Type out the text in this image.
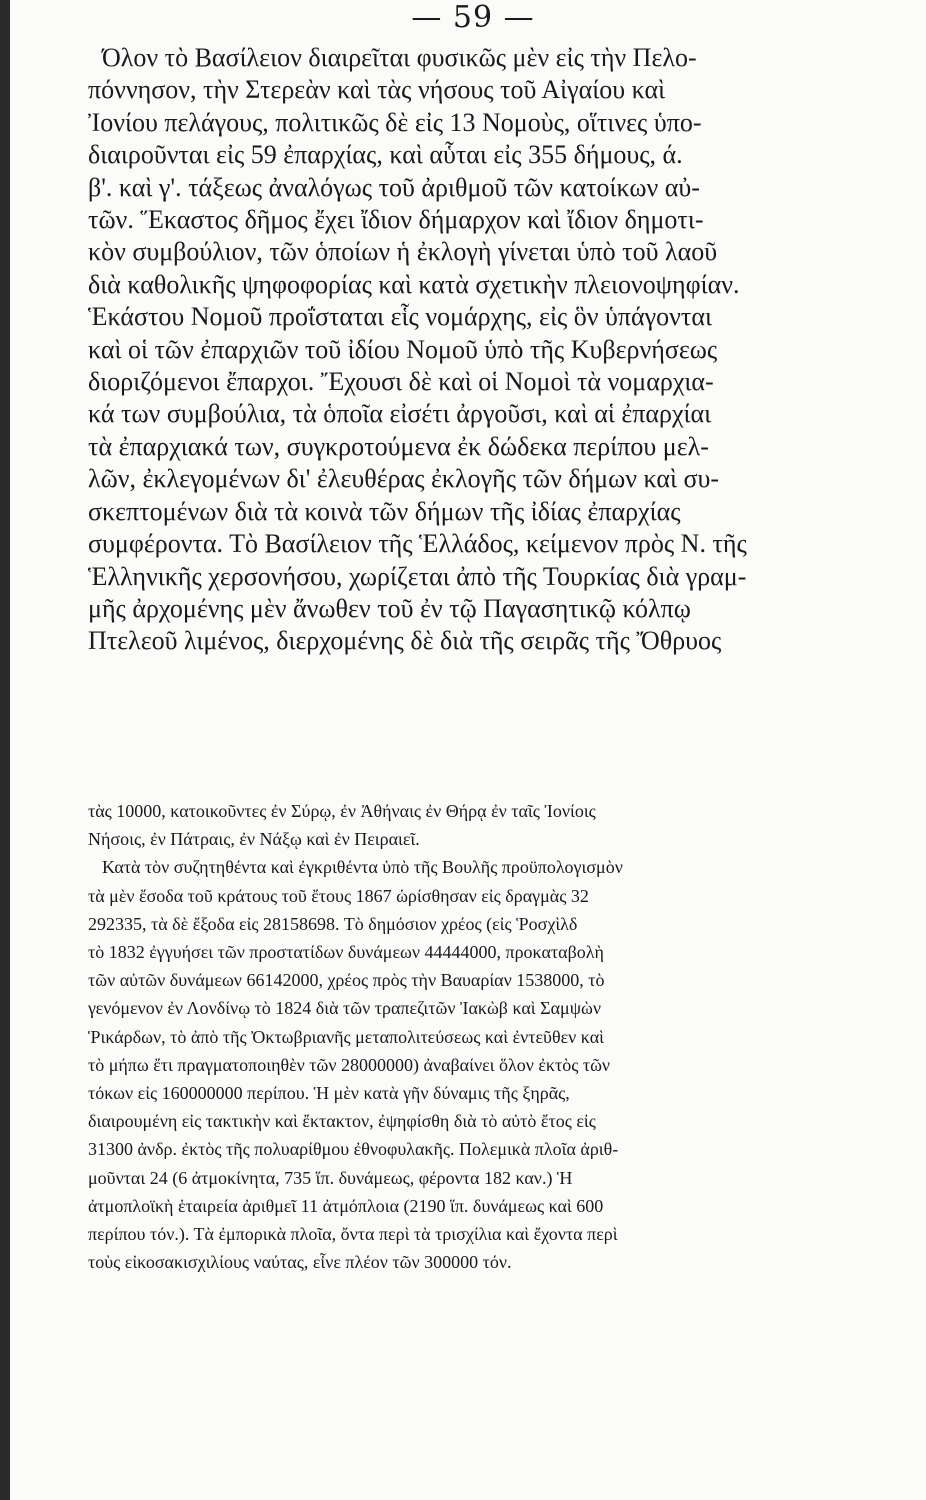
— 59 —
Όλον τὸ Βασίλειον διαιρεῖται φυσικῶς μὲν εἰς τὴν Πελο-
πόννησον, τὴν Στερεὰν καὶ τὰς νήσους τοῦ Αἰγαίου καὶ
Ἰονίου πελάγους, πολιτικῶς δὲ εἰς 13 Νομοὺς, οἵτινες ὑπο-
διαιροῦνται εἰς 59 ἐπαρχίας, καὶ αὗται εἰς 355 δήμους, ά.
β'. καὶ γ'. τάξεως ἀναλόγως τοῦ ἀριθμοῦ τῶν κατοίκων αὐ-
τῶν. Ἕκαστος δῆμος ἔχει ἴδιον δήμαρχον καὶ ἴδιον δημοτι-
κὸν συμβούλιον, τῶν ὁποίων ἡ ἐκλογὴ γίνεται ὑπὸ τοῦ λαοῦ
διὰ καθολικῆς ψηφοφορίας καὶ κατὰ σχετικὴν πλειονοψηφίαν.
Ἑκάστου Νομοῦ προΐσταται εἷς νομάρχης, εἰς ὃν ὑπάγονται
καὶ οἱ τῶν ἐπαρχιῶν τοῦ ἰδίου Νομοῦ ὑπὸ τῆς Κυβερνήσεως
διοριζόμενοι ἔπαρχοι. Ἔχουσι δὲ καὶ οἱ Νομοὶ τὰ νομαρχια-
κά των συμβούλια, τὰ ὁποῖα εἰσέτι ἀργοῦσι, καὶ αἱ ἐπαρχίαι
τὰ ἐπαρχιακά των, συγκροτούμενα ἐκ δώδεκα περίπου μελ-
λῶν, ἐκλεγομένων δι' ἐλευθέρας ἐκλογῆς τῶν δήμων καὶ συ-
σκεπτομένων διὰ τὰ κοινὰ τῶν δήμων τῆς ἰδίας ἐπαρχίας
συμφέροντα. Τὸ Βασίλειον τῆς Ἑλλάδος, κείμενον πρὸς Ν. τῆς
Ἑλληνικῆς χερσονήσου, χωρίζεται ἀπὸ τῆς Τουρκίας διὰ γραμ-
μῆς ἀρχομένης μὲν ἄνωθεν τοῦ ἐν τῷ Παγασητικῷ κόλπῳ
Πτελεοῦ λιμένος, διερχομένης δὲ διὰ τῆς σειρᾶς τῆς Ὄθρυος
τὰς 10000, κατοικοῦντες ἐν Σύρῳ, ἐν Ἀθήναις ἐν Θήρᾳ ἐν ταῖς Ἰονίοις
Νήσοις, ἐν Πάτραις, ἐν Νάξῳ καὶ ἐν Πειραιεῖ.
Κατὰ τὸν συζητηθέντα καὶ ἐγκριθέντα ὑπὸ τῆς Βουλῆς προϋπολογισμὸν
τὰ μὲν ἔσοδα τοῦ κράτους τοῦ ἔτους 1867 ὡρίσθησαν εἰς δραγμὰς 32
292335, τὰ δὲ ἔξοδα εἰς 28158698. Τὸ δημόσιον χρέος (εἰς Ῥοσχὶλδ
τὸ 1832 ἐγγυήσει τῶν προστατίδων δυνάμεων 44444000, προκαταβολὴ
τῶν αὐτῶν δυνάμεων 66142000, χρέος πρὸς τὴν Βαυαρίαν 1538000, τὸ
γενόμενον ἐν Λονδίνῳ τὸ 1824 διὰ τῶν τραπεζιτῶν Ἰακὼβ καὶ Σαμψὼν
Ῥικάρδων, τὸ ἀπὸ τῆς Ὀκτωβριανῆς μεταπολιτεύσεως καὶ ἐντεῦθεν καὶ
τὸ μήπω ἔτι πραγματοποιηθὲν τῶν 28000000) ἀναβαίνει ὅλον ἐκτὸς τῶν
τόκων εἰς 160000000 περίπου. Ἡ μὲν κατὰ γῆν δύναμις τῆς ξηρᾶς,
διαιρουμένη εἰς τακτικὴν καὶ ἔκτακτον, ἐψηφίσθη διὰ τὸ αὐτὸ ἔτος εἰς
31300 ἀνδρ. ἐκτὸς τῆς πολυαρίθμου ἐθνοφυλακῆς. Πολεμικὰ πλοῖα ἀριθ-
μοῦνται 24 (6 ἀτμοκίνητα, 735 ἵπ. δυνάμεως, φέροντα 182 καν.) Ἡ
ἀτμοπλοϊκὴ ἑταιρεία ἀριθμεῖ 11 ἀτμόπλοια (2190 ἵπ. δυνάμεως καὶ 600
περίπου τόν.). Τὰ ἐμπορικὰ πλοῖα, ὄντα περὶ τὰ τρισχίλια καὶ ἔχοντα περὶ
τοὺς εἰκοσακισχιλίους ναύτας, εἶνε πλέον τῶν 300000 τόν.
